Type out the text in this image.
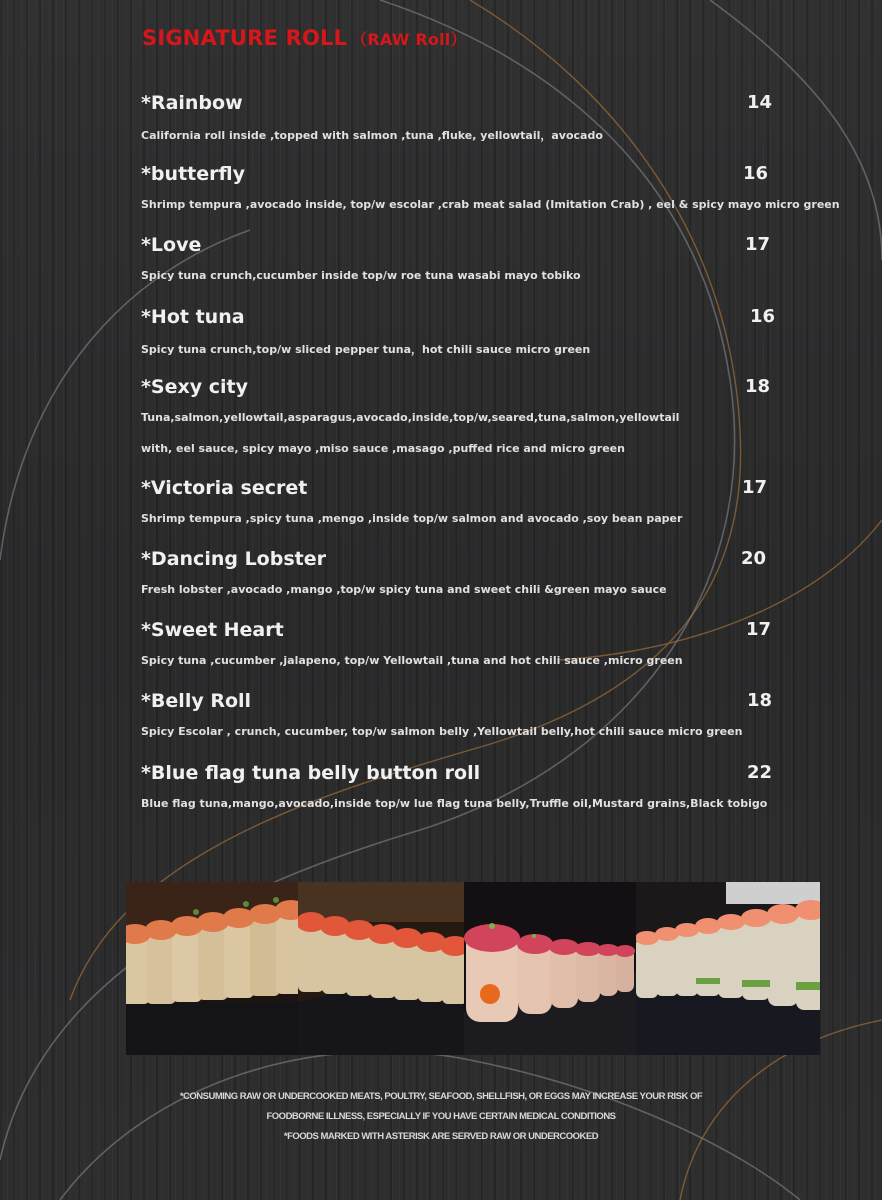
SIGNATURE ROLL （RAW Roll）
*Rainbow	14
California roll inside ,topped with salmon ,tuna ,fluke, yellowtail，avocado
*butterfly	16
Shrimp tempura ,avocado inside, top/w escolar ,crab meat salad (Imitation Crab) , eel & spicy mayo micro green
*Love	17
Spicy tuna crunch,cucumber inside top/w roe tuna wasabi mayo tobiko
*Hot tuna	16
Spicy tuna crunch,top/w sliced pepper tuna，hot chili sauce micro green
*Sexy city	18
Tuna,salmon,yellowtail,asparagus,avocado,inside,top/w,seared,tuna,salmon,yellowtail
with, eel sauce, spicy mayo ,miso sauce ,masago ,puffed rice and micro green
*Victoria secret	17
Shrimp tempura ,spicy tuna ,mengo ,inside top/w salmon and avocado ,soy bean paper
*Dancing Lobster	20
Fresh lobster ,avocado ,mango ,top/w spicy tuna and sweet chili &green mayo sauce
*Sweet Heart	17
Spicy tuna ,cucumber ,jalapeno, top/w Yellowtail ,tuna and hot chili sauce ,micro green
*Belly Roll	18
Spicy Escolar , crunch, cucumber, top/w salmon belly ,Yellowtail belly,hot chili sauce micro green
*Blue flag tuna belly button roll	22
Blue flag tuna,mango,avocado,inside top/w lue flag tuna belly,Truffle oil,Mustard grains,Black tobigo
*CONSUMING RAW OR UNDERCOOKED MEATS, POULTRY, SEAFOOD, SHELLFISH, OR EGGS MAY INCREASE YOUR RISK OF
FOODBORNE ILLNESS, ESPECIALLY IF YOU HAVE CERTAIN MEDICAL CONDITIONS
*FOODS MARKED WITH ASTERISK ARE SERVED RAW OR UNDERCOOKED
